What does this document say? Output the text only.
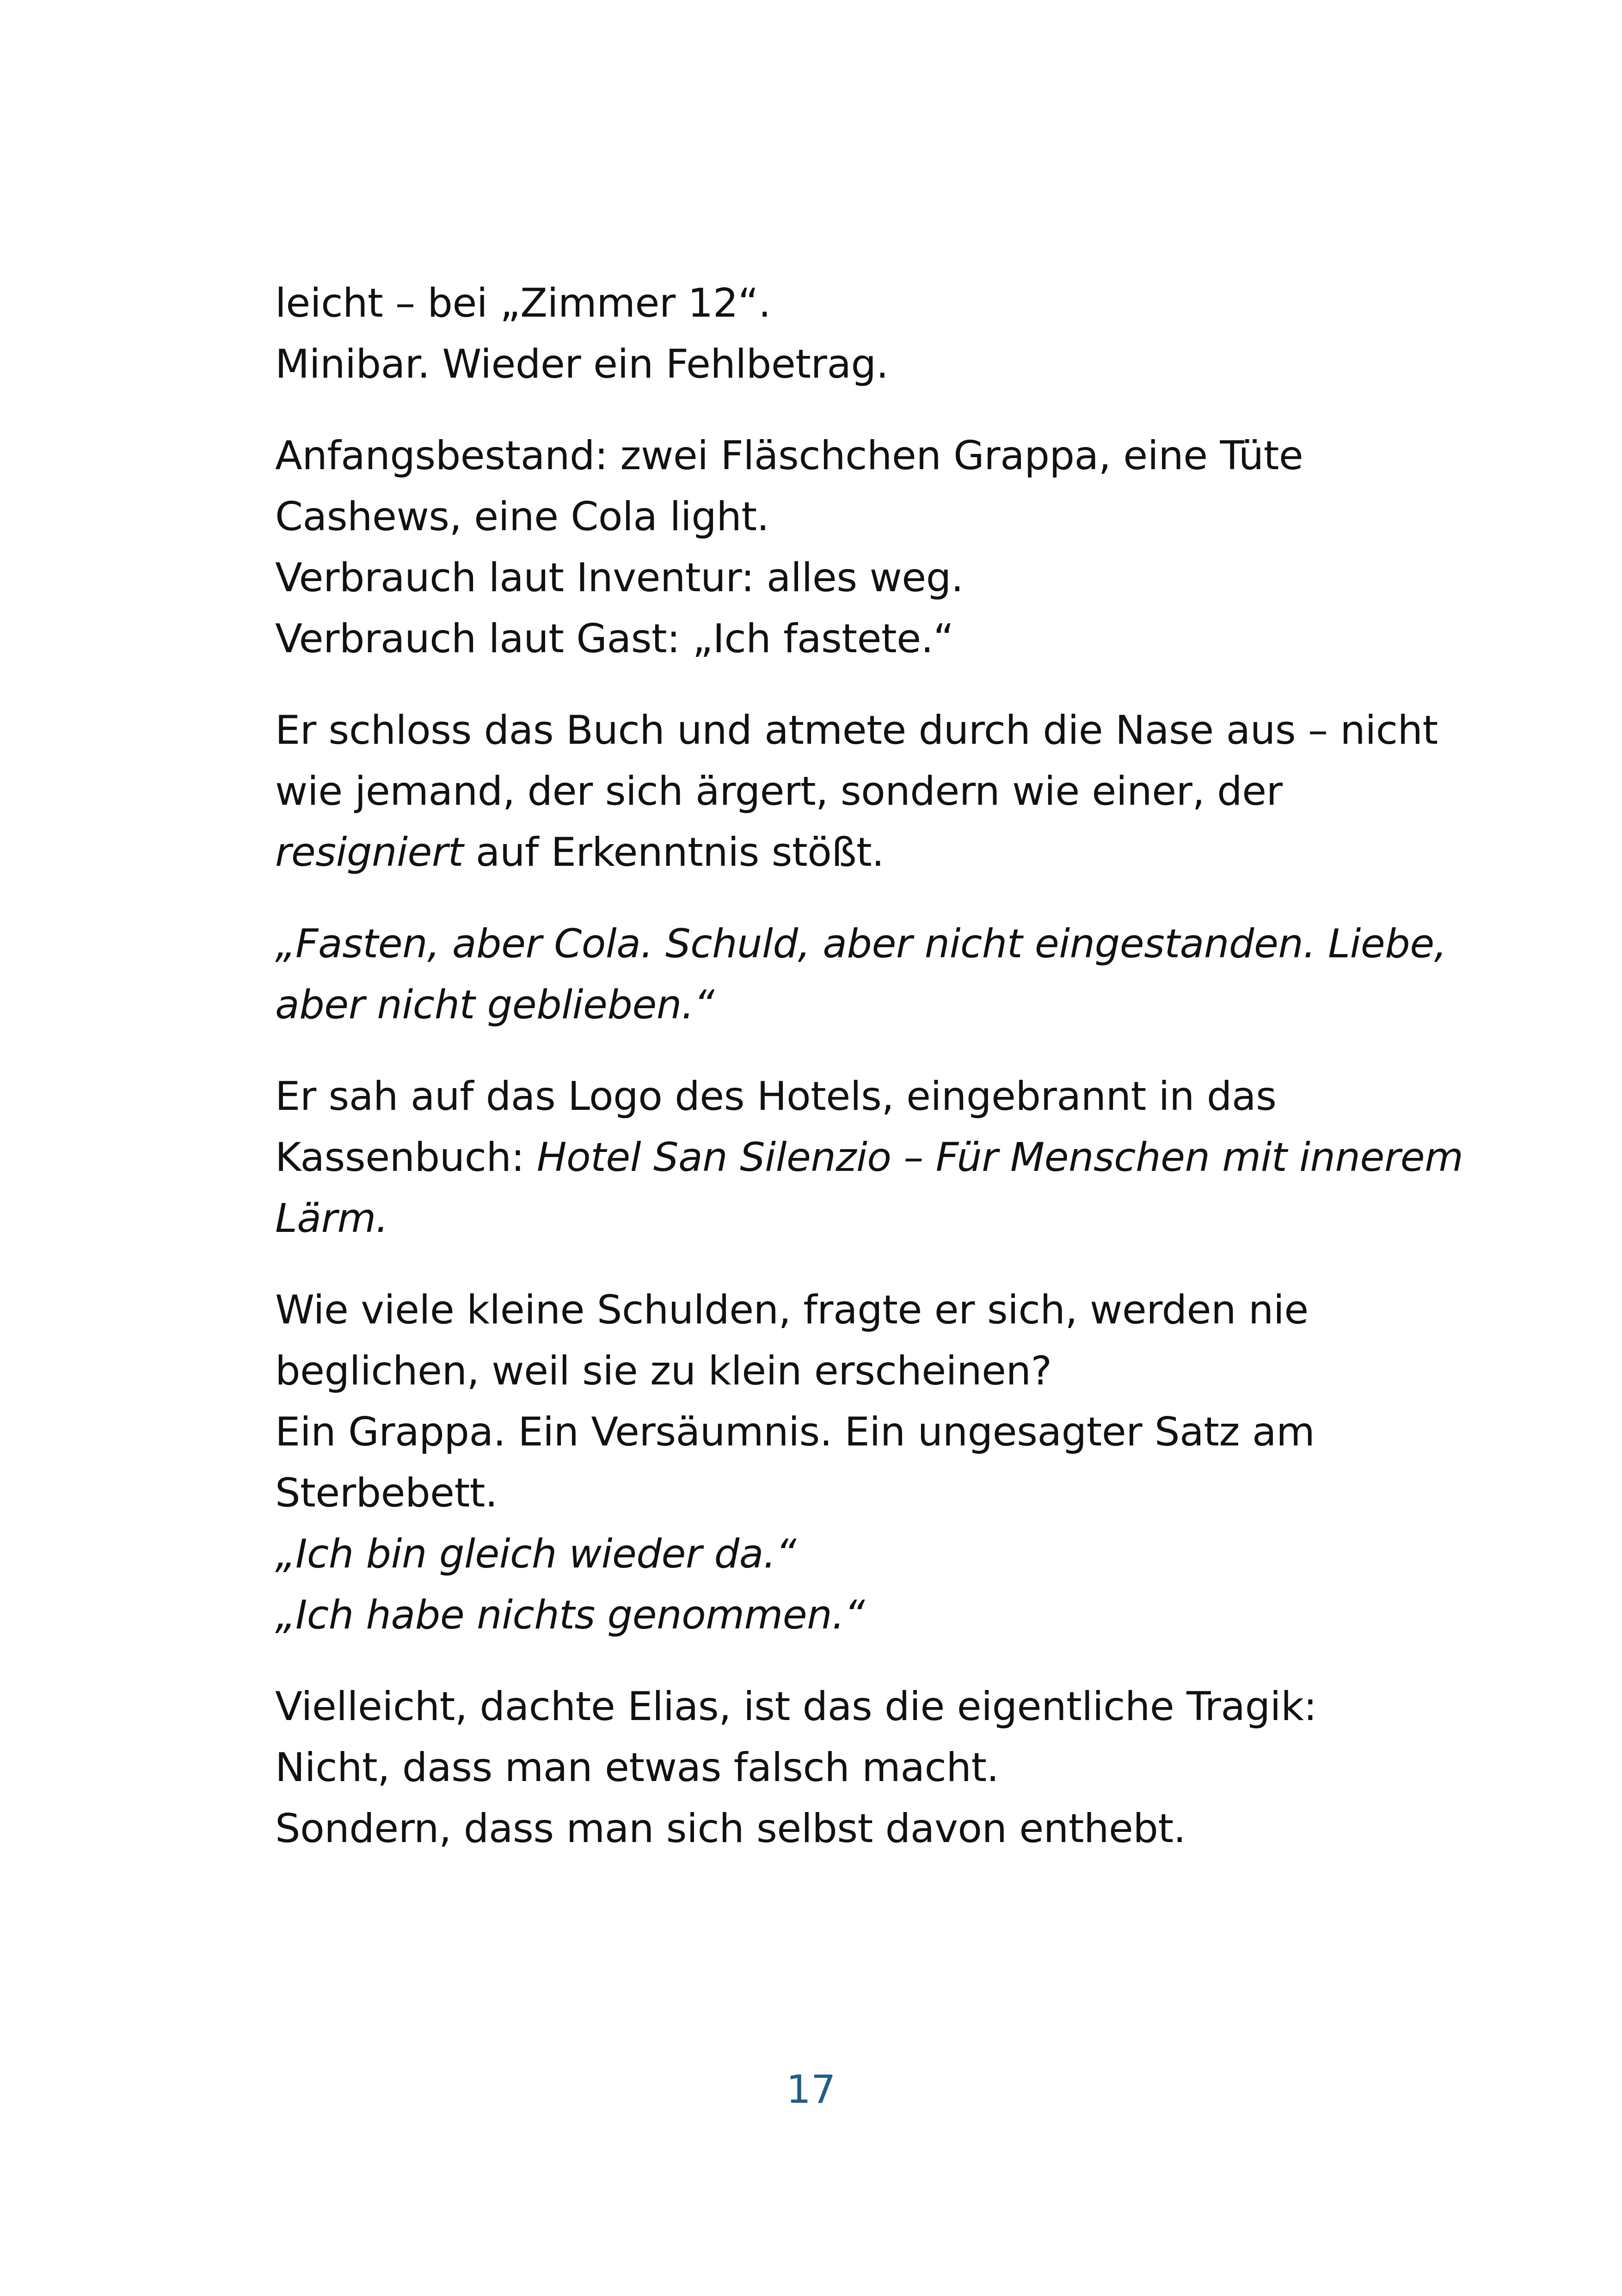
leicht – bei „Zimmer 12“.
Minibar. Wieder ein Fehlbetrag.
Anfangsbestand: zwei Fläschchen Grappa, eine Tüte
Cashews, eine Cola light.
Verbrauch laut Inventur: alles weg.
Verbrauch laut Gast: „Ich fastete.“
Er schloss das Buch und atmete durch die Nase aus – nicht
wie jemand, der sich ärgert, sondern wie einer, der
resigniert auf Erkenntnis stößt.
„Fasten, aber Cola. Schuld, aber nicht eingestanden. Liebe,
aber nicht geblieben.“
Er sah auf das Logo des Hotels, eingebrannt in das
Kassenbuch: Hotel San Silenzio – Für Menschen mit innerem
Lärm.
Wie viele kleine Schulden, fragte er sich, werden nie
beglichen, weil sie zu klein erscheinen?
Ein Grappa. Ein Versäumnis. Ein ungesagter Satz am
Sterbebett.
„Ich bin gleich wieder da.“
„Ich habe nichts genommen.“
Vielleicht, dachte Elias, ist das die eigentliche Tragik:
Nicht, dass man etwas falsch macht.
Sondern, dass man sich selbst davon enthebt.
17
